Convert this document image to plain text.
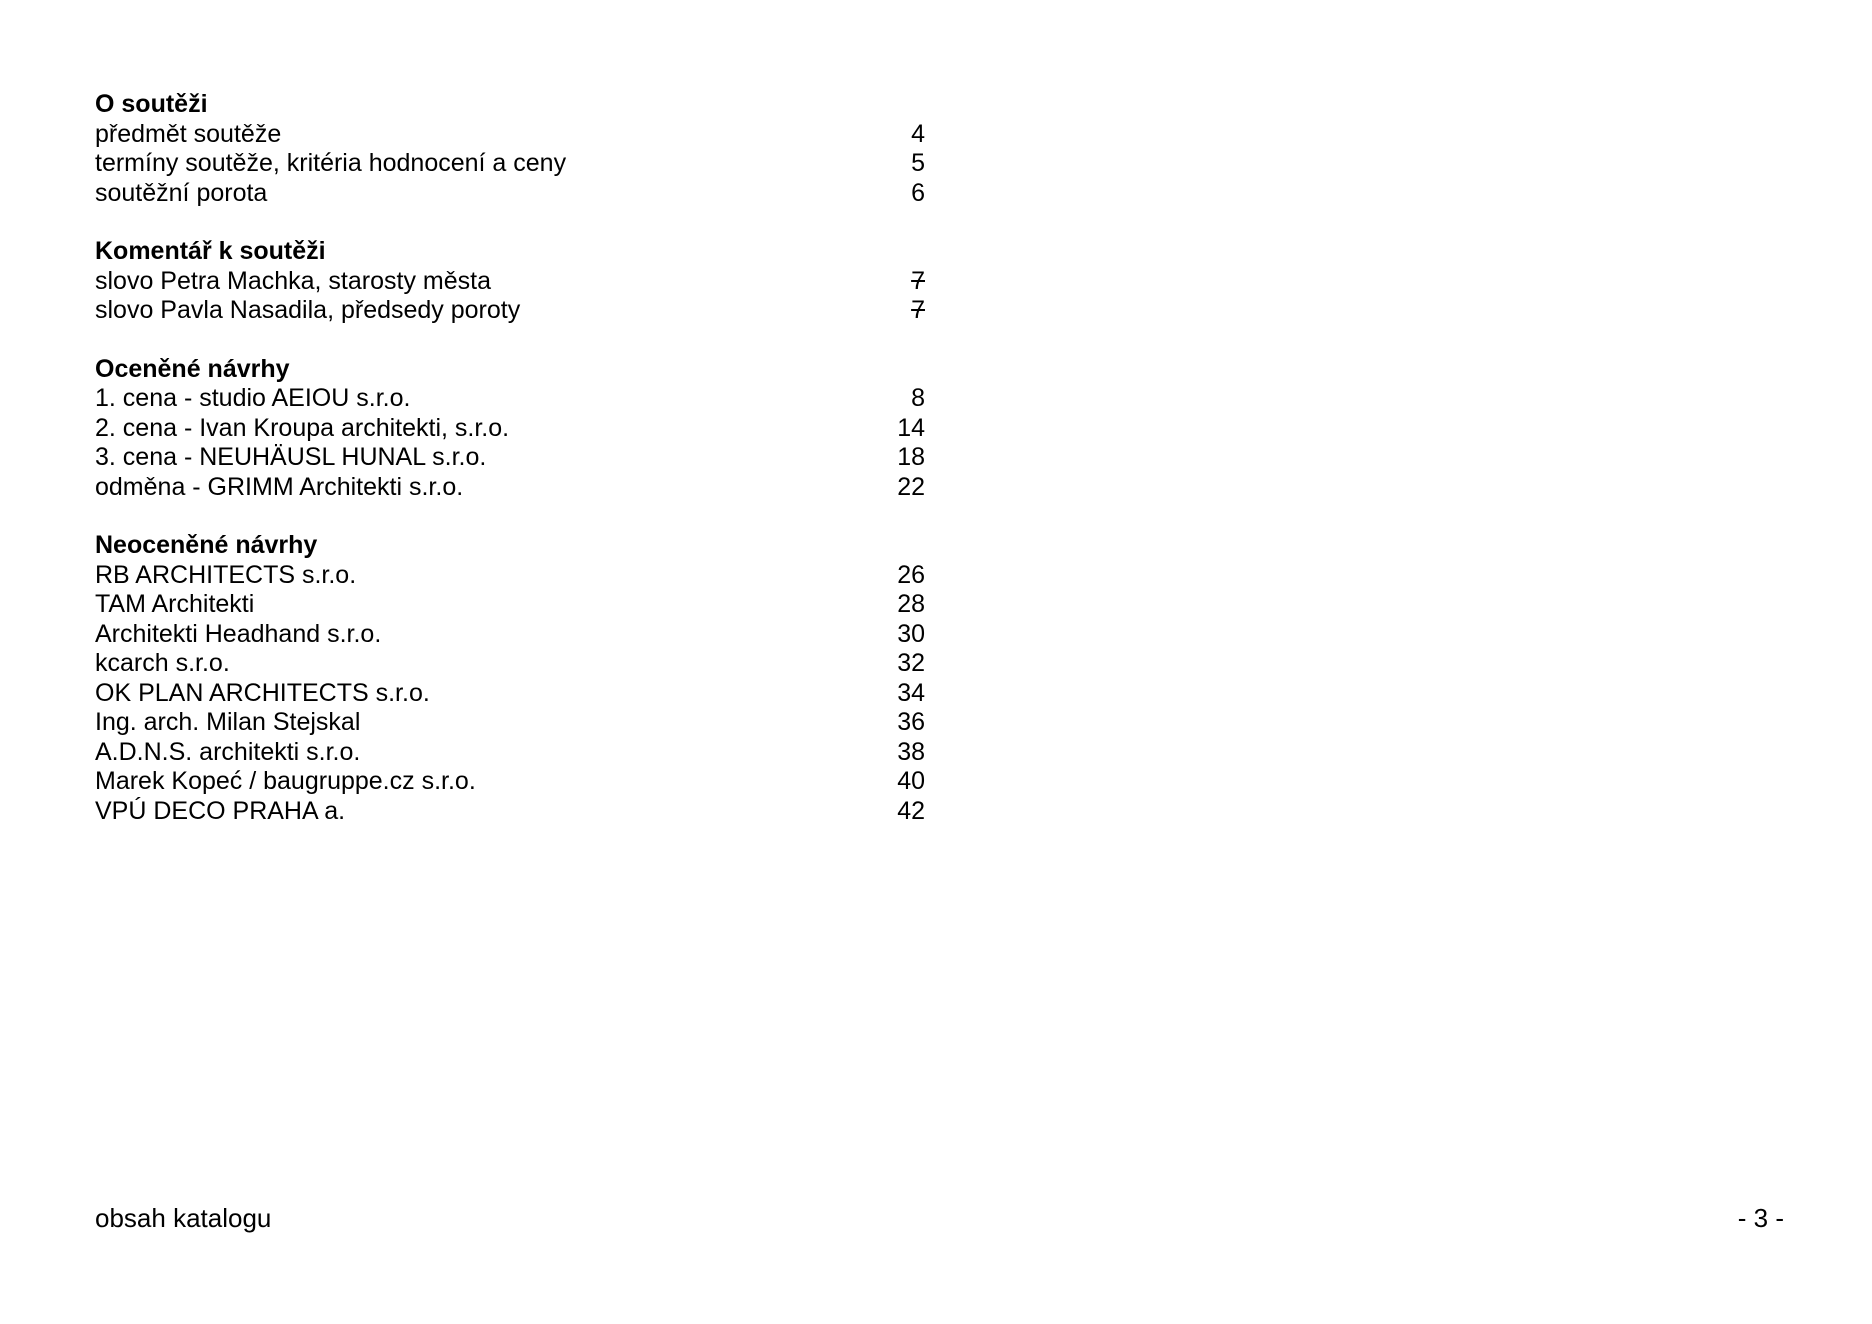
O soutěži
předmět soutěže	4
termíny soutěže, kritéria hodnocení a ceny	5
soutěžní porota	6
Komentář k soutěži
slovo Petra Machka, starosty města	7
slovo Pavla Nasadila, předsedy poroty	7
Oceněné návrhy
1. cena - studio AEIOU s.r.o.	8
2. cena - Ivan Kroupa architekti, s.r.o.	14
3. cena - NEUHÄUSL HUNAL s.r.o.	18
odměna - GRIMM Architekti s.r.o.	22
Neoceněné návrhy
RB ARCHITECTS s.r.o.	26
TAM Architekti	28
Architekti Headhand s.r.o.	30
kcarch s.r.o.	32
OK PLAN ARCHITECTS s.r.o.	34
Ing. arch. Milan Stejskal	36
A.D.N.S. architekti s.r.o.	38
Marek Kopeć / baugruppe.cz s.r.o.	40
VPÚ DECO PRAHA a.	42
obsah katalogu	- 3 -
